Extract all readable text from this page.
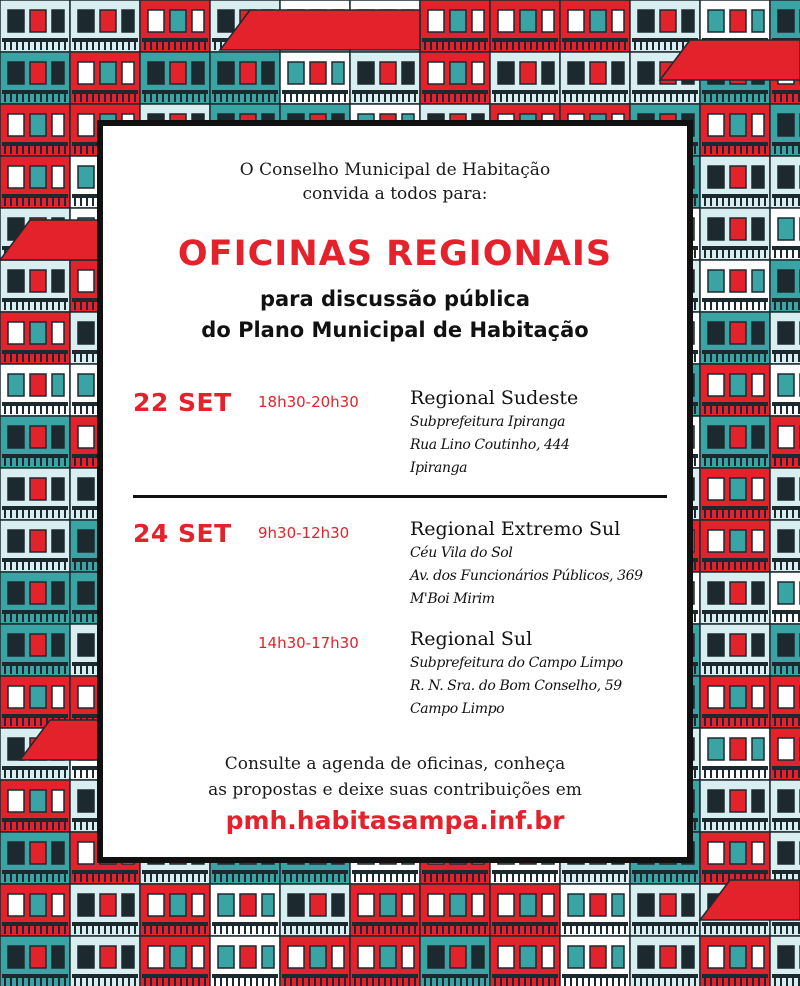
O Conselho Municipal de Habitação
convida a todos para:
OFICINAS REGIONAIS
para discussão pública
do Plano Municipal de Habitação
22 SET 18h30-20h30	Regional Sudeste
Subprefeitura Ipiranga
Rua Lino Coutinho, 444
Ipiranga
24 SET 9h30-12h30	Regional Extremo Sul
Céu Vila do Sol
Av. dos Funcionários Públicos, 369
M'Boi Mirim
14h30-17h30	Regional Sul
Subprefeitura do Campo Limpo
R. N. Sra. do Bom Conselho, 59
Campo Limpo
Consulte a agenda de oficinas, conheça
as propostas e deixe suas contribuições em
pmh.habitasampa.inf.br
